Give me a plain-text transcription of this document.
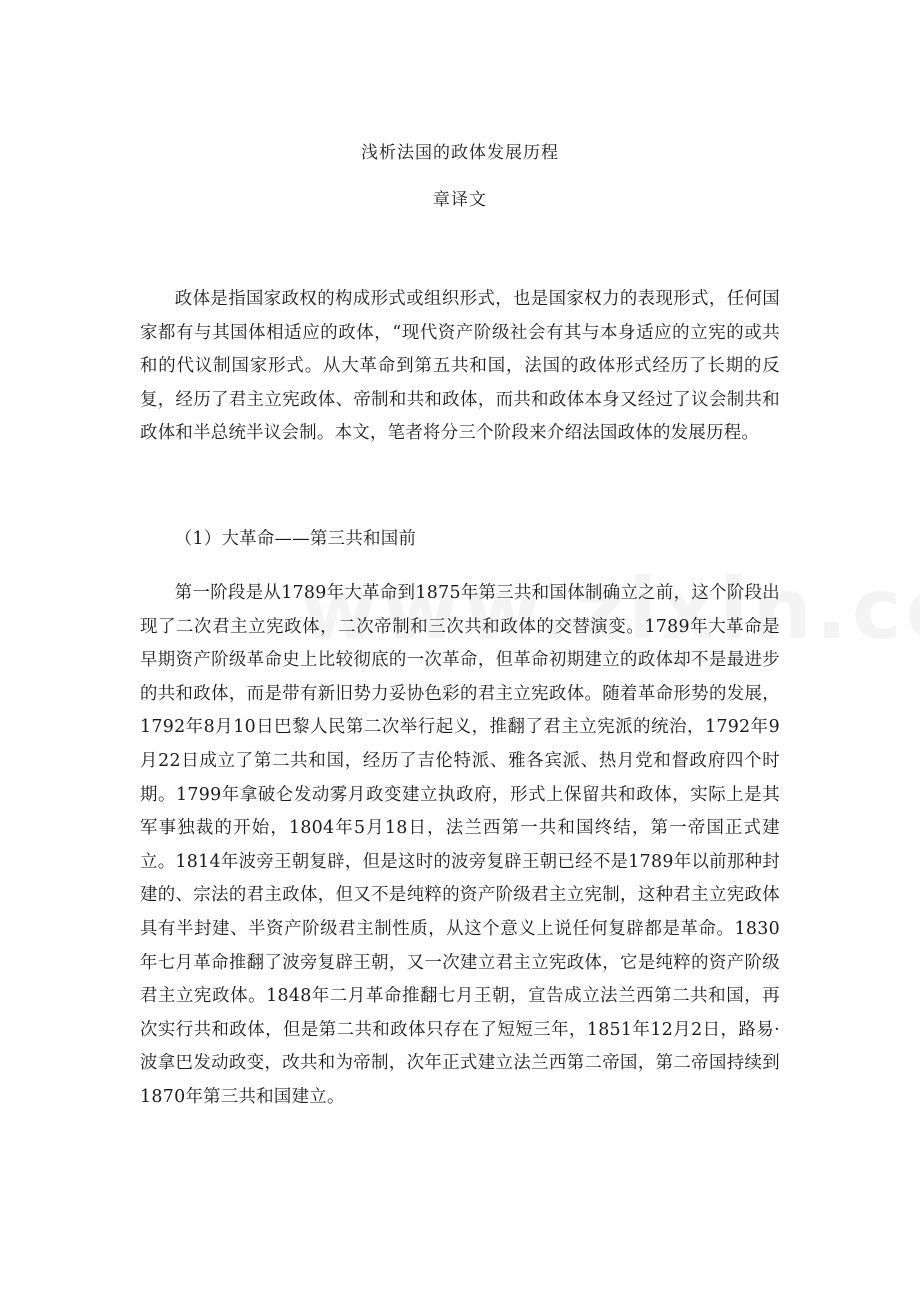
浅析法国的政体发展历程
章译文

政体是指国家政权的构成形式或组织形式，也是国家权力的表现形式，任何国家都有与其国体相适应的政体，“现代资产阶级社会有其与本身适应的立宪的或共和的代议制国家形式。从大革命到第五共和国，法国的政体形式经历了长期的反复，经历了君主立宪政体、帝制和共和政体，而共和政体本身又经过了议会制共和政体和半总统半议会制。本文，笔者将分三个阶段来介绍法国政体的发展历程。

（1）大革命——第三共和国前

第一阶段是从1789年大革命到1875年第三共和国体制确立之前，这个阶段出现了二次君主立宪政体，二次帝制和三次共和政体的交替演变。1789年大革命是早期资产阶级革命史上比较彻底的一次革命，但革命初期建立的政体却不是最进步的共和政体，而是带有新旧势力妥协色彩的君主立宪政体。随着革命形势的发展，1792年8月10日巴黎人民第二次举行起义，推翻了君主立宪派的统治，1792年9月22日成立了第二共和国，经历了吉伦特派、雅各宾派、热月党和督政府四个时期。1799年拿破仑发动雾月政变建立执政府，形式上保留共和政体，实际上是其军事独裁的开始，1804年5月18日，法兰西第一共和国终结，第一帝国正式建立。1814年波旁王朝复辟，但是这时的波旁复辟王朝已经不是1789年以前那种封建的、宗法的君主政体，但又不是纯粹的资产阶级君主立宪制，这种君主立宪政体具有半封建、半资产阶级君主制性质，从这个意义上说任何复辟都是革命。1830年七月革命推翻了波旁复辟王朝，又一次建立君主立宪政体，它是纯粹的资产阶级君主立宪政体。1848年二月革命推翻七月王朝，宣告成立法兰西第二共和国，再次实行共和政体，但是第二共和政体只存在了短短三年，1851年12月2日，路易·波拿巴发动政变，改共和为帝制，次年正式建立法兰西第二帝国，第二帝国持续到1870年第三共和国建立。
